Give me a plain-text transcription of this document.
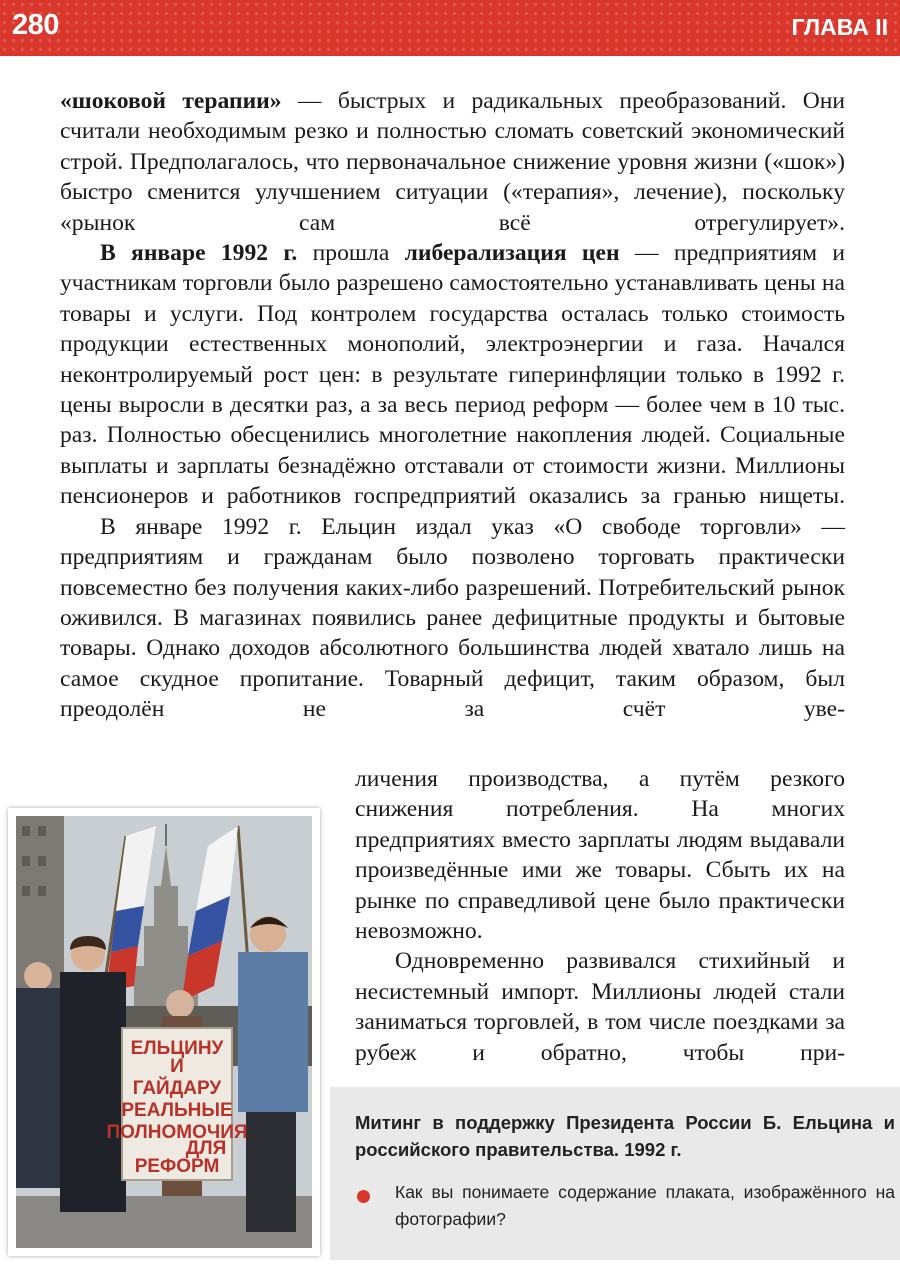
280	ГЛАВА II

«шоковой терапии» — быстрых и радикальных преобразований. Они считали необходимым резко и полностью сломать советский экономический строй. Предполагалось, что первоначальное снижение уровня жизни («шок») быстро сменится улучшением ситуации («терапия», лечение), поскольку «рынок сам всё отрегулирует».

В январе 1992 г. прошла либерализация цен — предприятиям и участникам торговли было разрешено самостоятельно устанавливать цены на товары и услуги. Под контролем государства осталась только стоимость продукции естественных монополий, электроэнергии и газа. Начался неконтролируемый рост цен: в результате гиперинфляции только в 1992 г. цены выросли в десятки раз, а за весь период реформ — более чем в 10 тыс. раз. Полностью обесценились многолетние накопления людей. Социальные выплаты и зарплаты безнадёжно отставали от стоимости жизни. Миллионы пенсионеров и работников госпредприятий оказались за гранью нищеты.

В январе 1992 г. Ельцин издал указ «О свободе торговли» — предприятиям и гражданам было позволено торговать практически повсеместно без получения каких-либо разрешений. Потребительский рынок оживился. В магазинах появились ранее дефицитные продукты и бытовые товары. Однако доходов абсолютного большинства людей хватало лишь на самое скудное пропитание. Товарный дефицит, таким образом, был преодолён не за счёт уве-

личения производства, а путём резкого снижения потребления. На многих предприятиях вместо зарплаты людям выдавали произведённые ими же товары. Сбыть их на рынке по справедливой цене было практически невозможно.

Одновременно развивался стихийный и несистемный импорт. Миллионы людей стали заниматься торговлей, в том числе поездками за рубеж и обратно, чтобы при-

ЕЛЬЦИНУ
И
ГАЙДАРУ
РЕАЛЬНЫЕ
ПОЛНОМОЧИЯ
ДЛЯ
РЕФОРМ
Митинг в поддержку Президента России Б. Ельцина и российского правительства. 1992 г.
Как вы понимаете содержание плаката, изображённого на фотографии?
